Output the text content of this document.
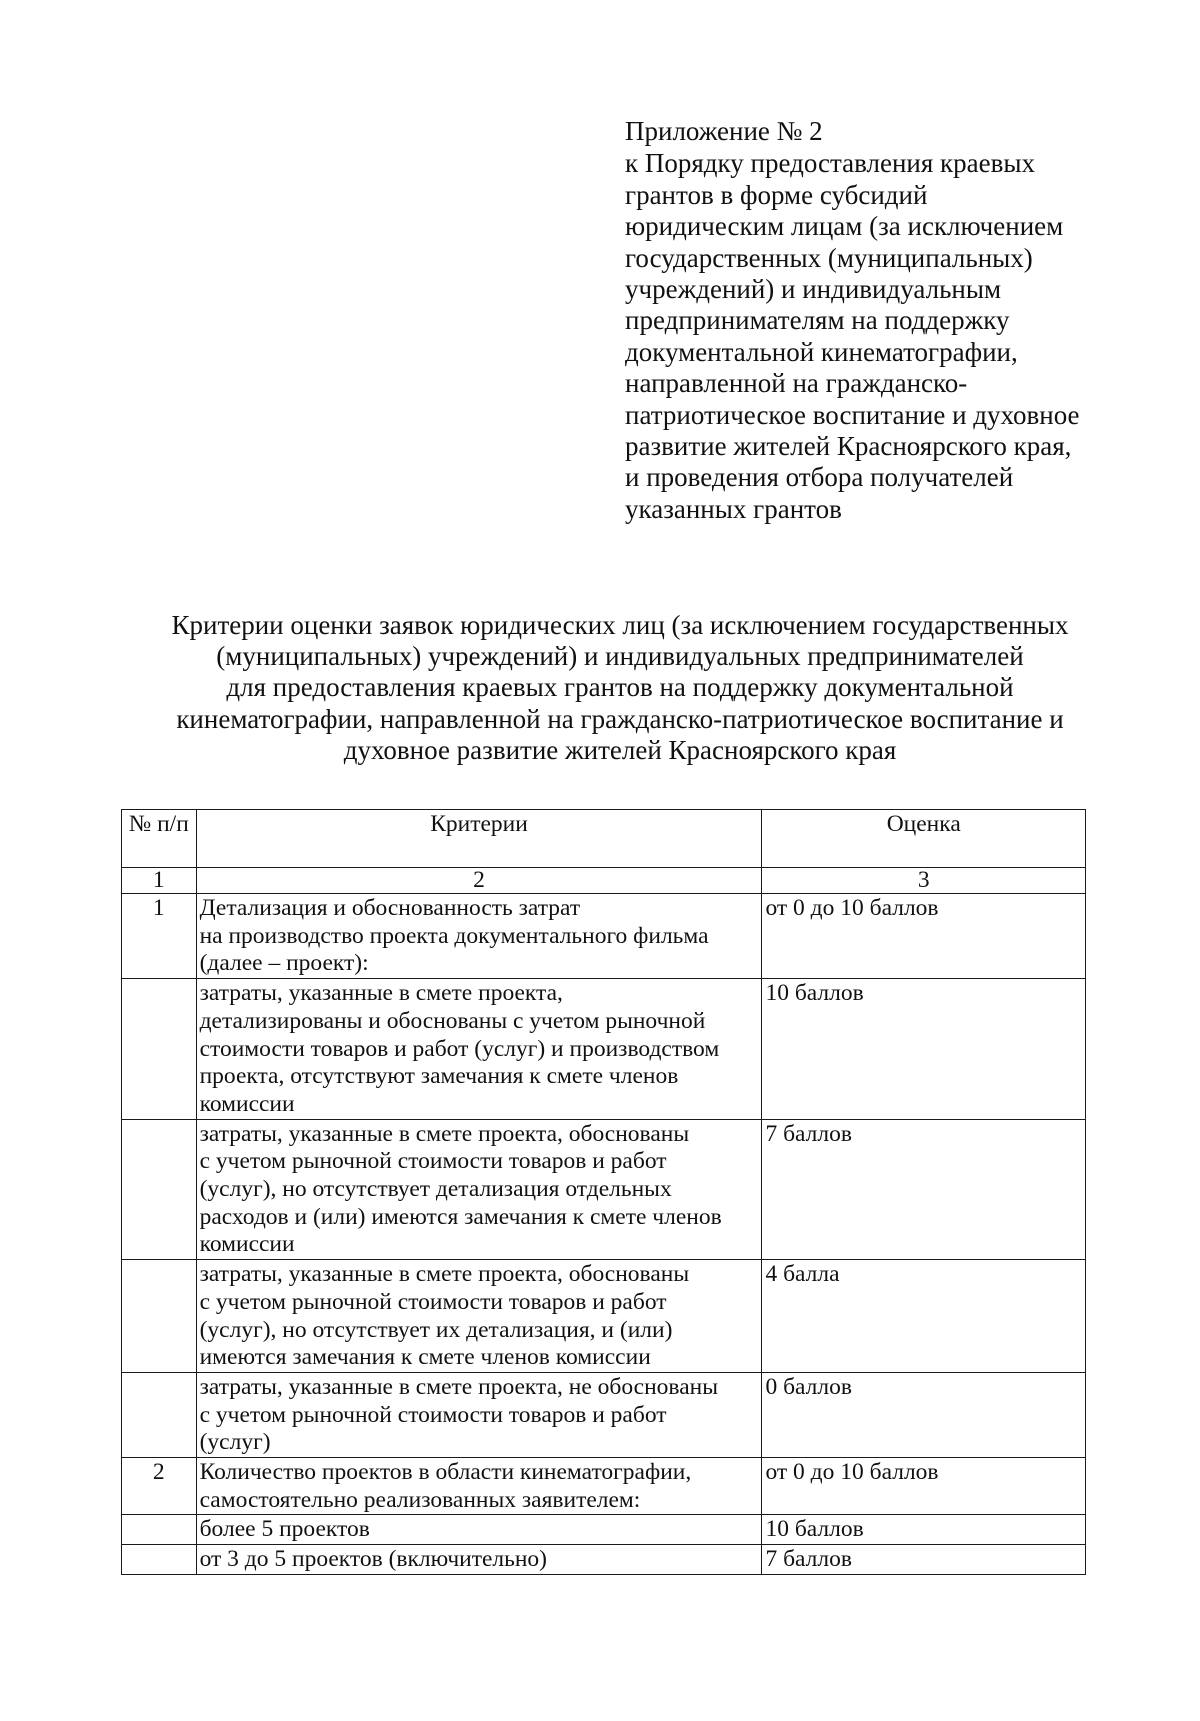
Приложение № 2
к Порядку предоставления краевых
грантов в форме субсидий
юридическим лицам (за исключением
государственных (муниципальных)
учреждений) и индивидуальным
предпринимателям на поддержку
документальной кинематографии,
направленной на гражданско-
патриотическое воспитание и духовное
развитие жителей Красноярского края,
и проведения отбора получателей
указанных грантов
Критерии оценки заявок юридических лиц (за исключением государственных
(муниципальных) учреждений) и индивидуальных предпринимателей
для предоставления краевых грантов на поддержку документальной
кинематографии, направленной на гражданско-патриотическое воспитание и
духовное развитие жителей Красноярского края
№ п/п	Критерии	Оценка
1	2	3
1	Детализация и обоснованность затрат
на производство проекта документального фильма
(далее – проект):	от 0 до 10 баллов

	затраты, указанные в смете проекта,
детализированы и обоснованы с учетом рыночной
стоимости товаров и работ (услуг) и производством
проекта, отсутствуют замечания к смете членов
комиссии	10 баллов

	затраты, указанные в смете проекта, обоснованы
с учетом рыночной стоимости товаров и работ
(услуг), но отсутствует детализация отдельных
расходов и (или) имеются замечания к смете членов
комиссии	7 баллов

	затраты, указанные в смете проекта, обоснованы
с учетом рыночной стоимости товаров и работ
(услуг), но отсутствует их детализация, и (или)
имеются замечания к смете членов комиссии	4 балла

	затраты, указанные в смете проекта, не обоснованы
с учетом рыночной стоимости товаров и работ
(услуг)	0 баллов
2	Количество проектов в области кинематографии,
самостоятельно реализованных заявителем:	от 0 до 10 баллов

	более 5 проектов	10 баллов

	от 3 до 5 проектов (включительно)	7 баллов
